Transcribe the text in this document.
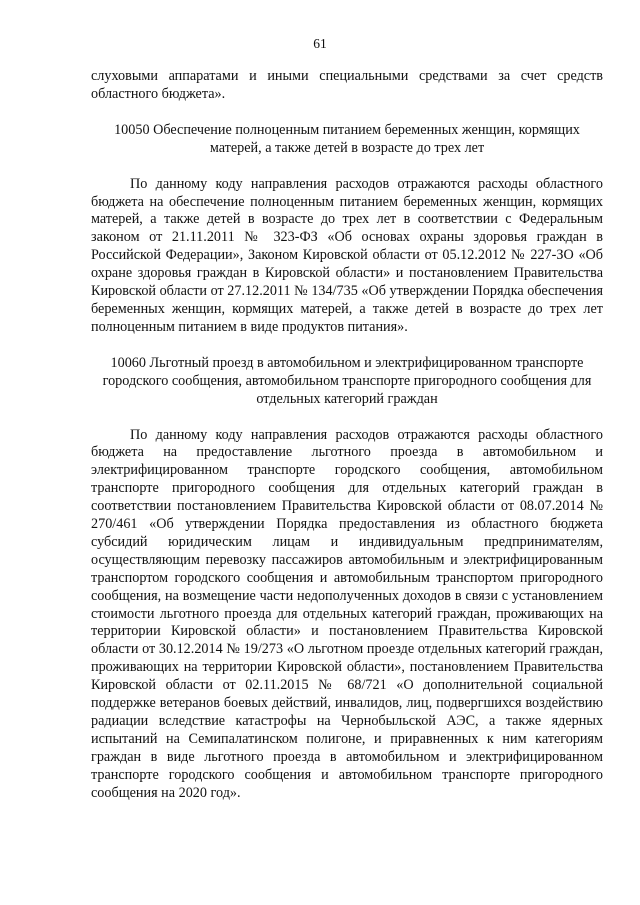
61

слуховыми аппаратами и иными специальными средствами за счет средств областного бюджета».

10050 Обеспечение полноценным питанием беременных женщин, кормящих матерей, а также детей в возрасте до трех лет

По данному коду направления расходов отражаются расходы областного бюджета на обеспечение полноценным питанием беременных женщин, кормящих матерей, а также детей в возрасте до трех лет в соответствии с Федеральным законом от 21.11.2011 № 323-ФЗ «Об основах охраны здоровья граждан в Российской Федерации», Законом Кировской области от 05.12.2012 № 227-ЗО «Об охране здоровья граждан в Кировской области» и постановлением Правительства Кировской области от 27.12.2011 № 134/735 «Об утверждении Порядка обеспечения беременных женщин, кормящих матерей, а также детей в возрасте до трех лет полноценным питанием в виде продуктов питания».

10060 Льготный проезд в автомобильном и электрифицированном транспорте городского сообщения, автомобильном транспорте пригородного сообщения для отдельных категорий граждан

По данному коду направления расходов отражаются расходы областного бюджета на предоставление льготного проезда в автомобильном и электрифицированном транспорте городского сообщения, автомобильном транспорте пригородного сообщения для отдельных категорий граждан в соответствии постановлением Правительства Кировской области от 08.07.2014 № 270/461 «Об утверждении Порядка предоставления из областного бюджета субсидий юридическим лицам и индивидуальным предпринимателям, осуществляющим перевозку пассажиров автомобильным и электрифицированным транспортом городского сообщения и автомобильным транспортом пригородного сообщения, на возмещение части недополученных доходов в связи с установлением стоимости льготного проезда для отдельных категорий граждан, проживающих на территории Кировской области» и постановлением Правительства Кировской области от 30.12.2014 № 19/273 «О льготном проезде отдельных категорий граждан, проживающих на территории Кировской области», постановлением Правительства Кировской области от 02.11.2015 № 68/721 «О дополнительной социальной поддержке ветеранов боевых действий, инвалидов, лиц, подвергшихся воздействию радиации вследствие катастрофы на Чернобыльской АЭС, а также ядерных испытаний на Семипалатинском полигоне, и приравненных к ним категориям граждан в виде льготного проезда в автомобильном и электрифицированном транспорте городского сообщения и автомобильном транспорте пригородного сообщения на 2020 год».
